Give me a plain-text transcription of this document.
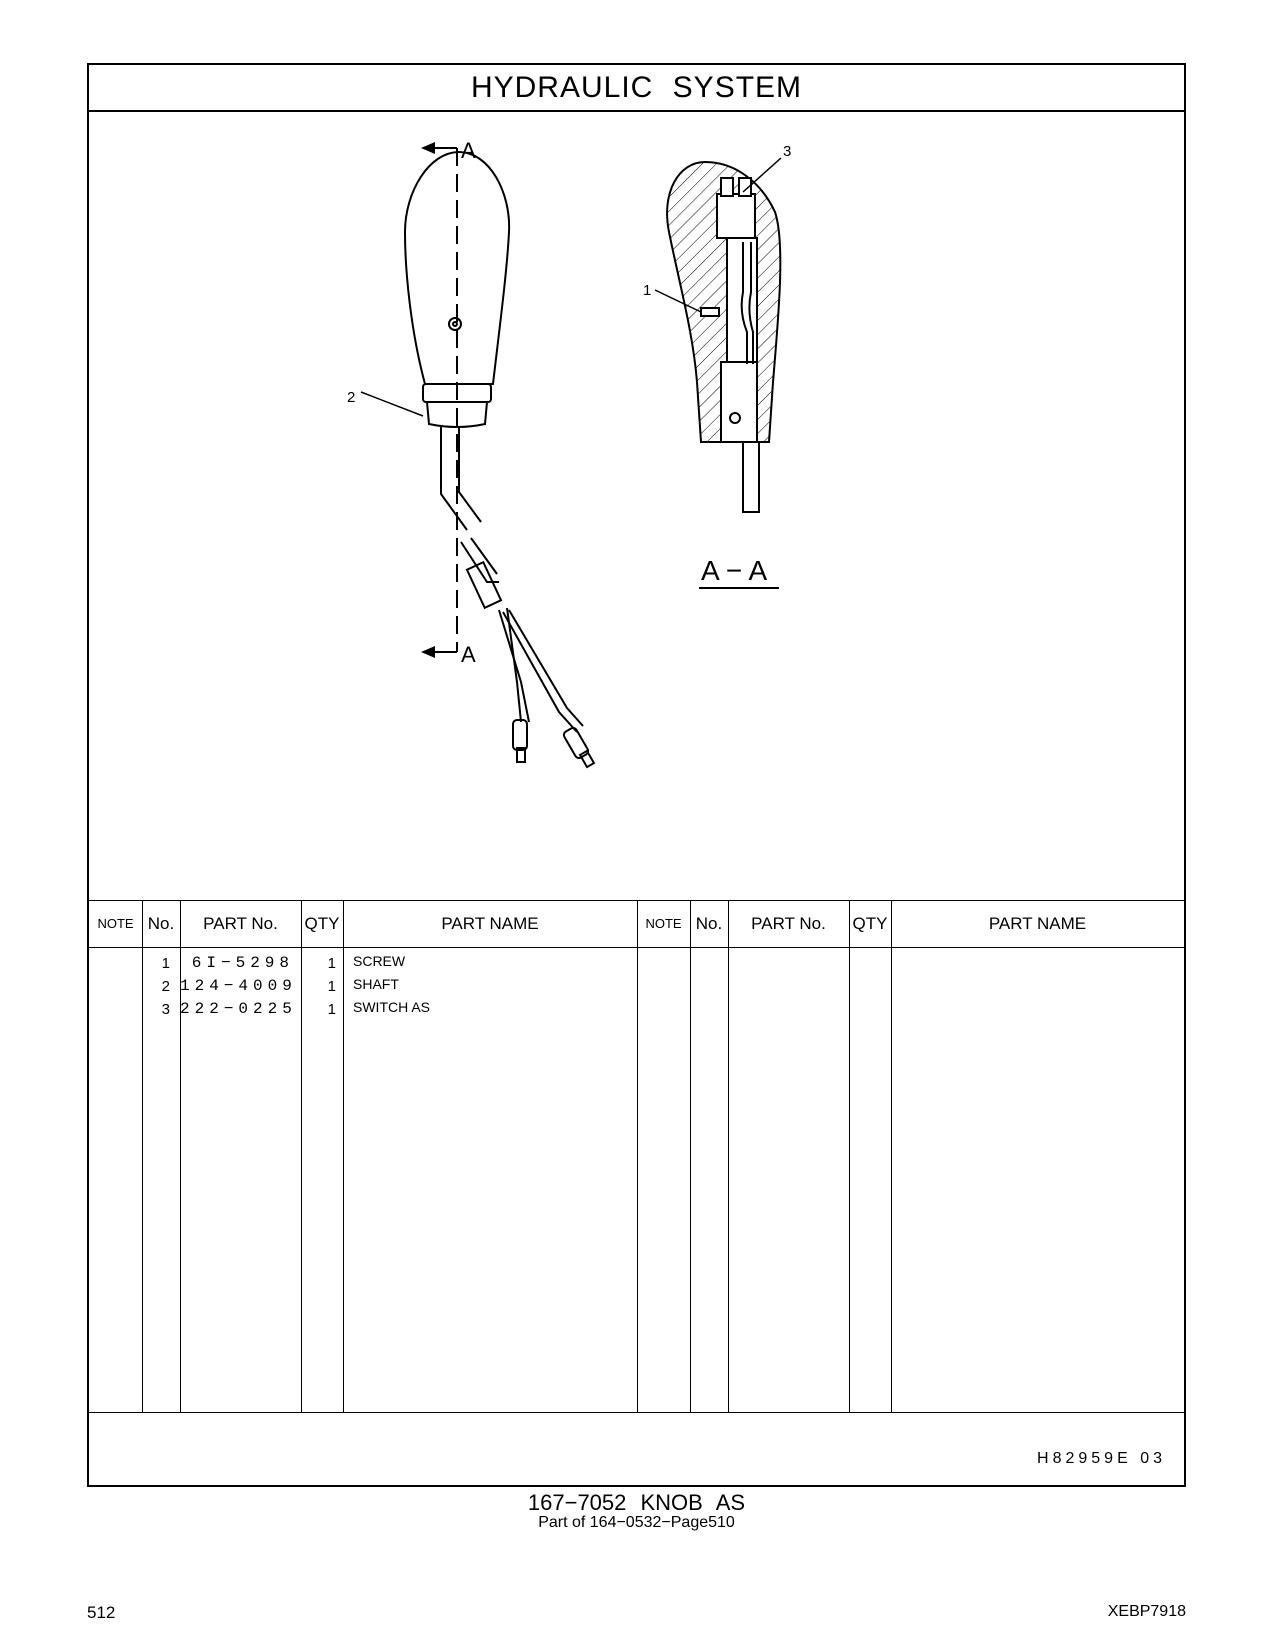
HYDRAULIC SYSTEM
A
A
2
1
3
A − A
NOTE No.	PART No.	QTY	PART NAME	NOTE No.	PART No.	QTY	PART NAME
1	6I−5298	1 SCREW
2 124−4009	1 SHAFT
3 222−0225	1 SWITCH AS
H82959E 03
167−7052 KNOB AS
Part of 164−0532−Page510
512	XEBP7918
